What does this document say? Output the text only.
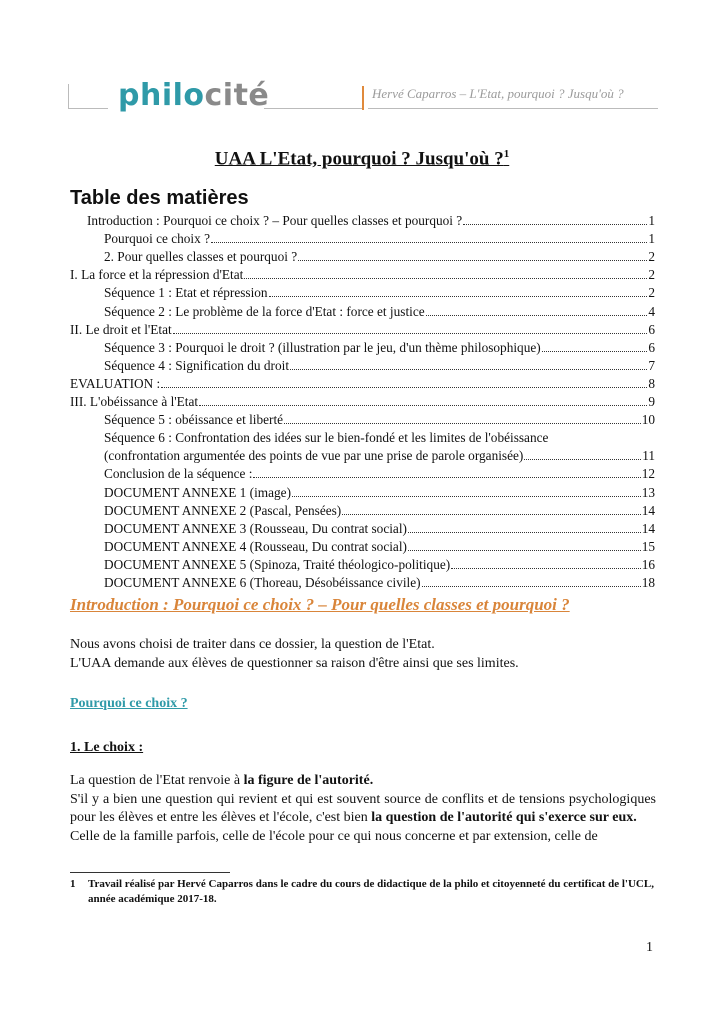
philocité	Hervé Caparros – L'Etat, pourquoi ? Jusqu'où ?
UAA L'Etat, pourquoi ? Jusqu'où ?$^1$
Table des matières
Introduction : Pourquoi ce choix ? – Pour quelles classes et pourquoi ?	1
Pourquoi ce choix ?	1
2. Pour quelles classes et pourquoi ?	2
I. La force et la répression d'Etat	2
Séquence 1 : Etat et répression	2
Séquence 2 : Le problème de la force d'Etat : force et justice	4
II. Le droit et l'Etat	6
Séquence 3 : Pourquoi le droit ? (illustration par le jeu, d'un thème philosophique)	6
Séquence 4 : Signification du droit	7
EVALUATION :	8
III. L'obéissance à l'Etat	9
Séquence 5 : obéissance et liberté	10
Séquence 6 : Confrontation des idées sur le bien-fondé et les limites de l'obéissance
(confrontation argumentée des points de vue par une prise de parole organisée)	11
Conclusion de la séquence :	12
DOCUMENT ANNEXE 1 (image)	13
DOCUMENT ANNEXE 2 (Pascal, Pensées)	14
DOCUMENT ANNEXE 3 (Rousseau, Du contrat social)	14
DOCUMENT ANNEXE 4 (Rousseau, Du contrat social)	15
DOCUMENT ANNEXE 5 (Spinoza, Traité théologico-politique)	16
DOCUMENT ANNEXE 6 (Thoreau, Désobéissance civile)	18
Introduction : Pourquoi ce choix ? – Pour quelles classes et pourquoi ?
Nous avons choisi de traiter dans ce dossier, la question de l'Etat.
L'UAA demande aux élèves de questionner sa raison d'être ainsi que ses limites.
Pourquoi ce choix ?
1. Le choix :
La question de l'Etat renvoie à la figure de l'autorité.
S'il y a bien une question qui revient et qui est souvent source de conflits et de tensions psychologiques pour les élèves et entre les élèves et l'école, c'est bien la question de l'autorité qui s'exerce sur eux.
Celle de la famille parfois, celle de l'école pour ce qui nous concerne et par extension, celle de
1	Travail réalisé par Hervé Caparros dans le cadre du cours de didactique de la philo et citoyenneté du certificat de l'UCL, année académique 2017-18.
1
